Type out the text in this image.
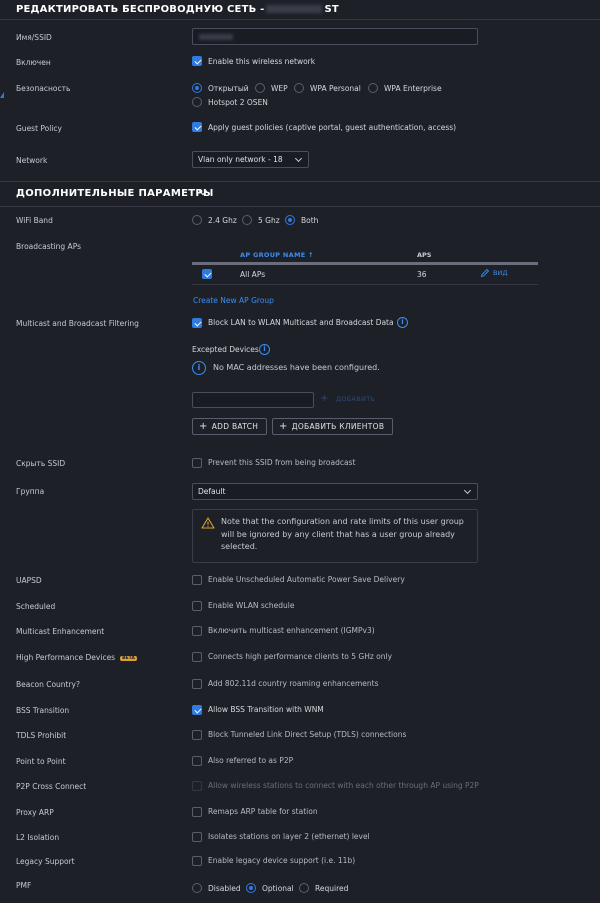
РЕДАКТИРОВАТЬ БЕСПРОВОДНУЮ СЕТЬ -	ST
Имя/SSID
Включен	Enable this wireless network
Безопасность	Открытый	WEP	WPA Personal	WPA Enterprise
Hotspot 2 OSEN
Guest Policy	Apply guest policies (captive portal, guest authentication, access)
Network	Vlan only network - 18
ДОПОЛНИТЕЛЬНЫЕ ПАРАМЕТРЫ
WiFi Band	2.4 Ghz	5 Ghz	Both
Broadcasting APs
AP GROUP NAME ↑	APS
All APs	36	ВИД
Create New AP Group
Multicast and Broadcast Filtering	Block LAN to WLAN Multicast and Broadcast Data	i
Excepted Devices i
i	No MAC addresses have been configured.
+ ДОБАВИТЬ
+ ADD BATCH + ДОБАВИТЬ КЛИЕНТОВ
Скрыть SSID	Prevent this SSID from being broadcast
Группа	Default
Note that the configuration and rate limits of this user group will be ignored by any client that has a user group already selected.
UAPSD	Enable Unscheduled Automatic Power Save Delivery
Scheduled	Enable WLAN schedule
Multicast Enhancement	Включить multicast enhancement (IGMPv3)
High Performance Devices BETA	Connects high performance clients to 5 GHz only
Beacon Country?	Add 802.11d country roaming enhancements
BSS Transition	Allow BSS Transition with WNM
TDLS Prohibit	Block Tunneled Link Direct Setup (TDLS) connections
Point to Point	Also referred to as P2P
P2P Cross Connect	Allow wireless stations to connect with each other through AP using P2P
Proxy ARP	Remaps ARP table for station
L2 Isolation	Isolates stations on layer 2 (ethernet) level
Legacy Support	Enable legacy device support (i.e. 11b)
PMF	Disabled	Optional	Required
